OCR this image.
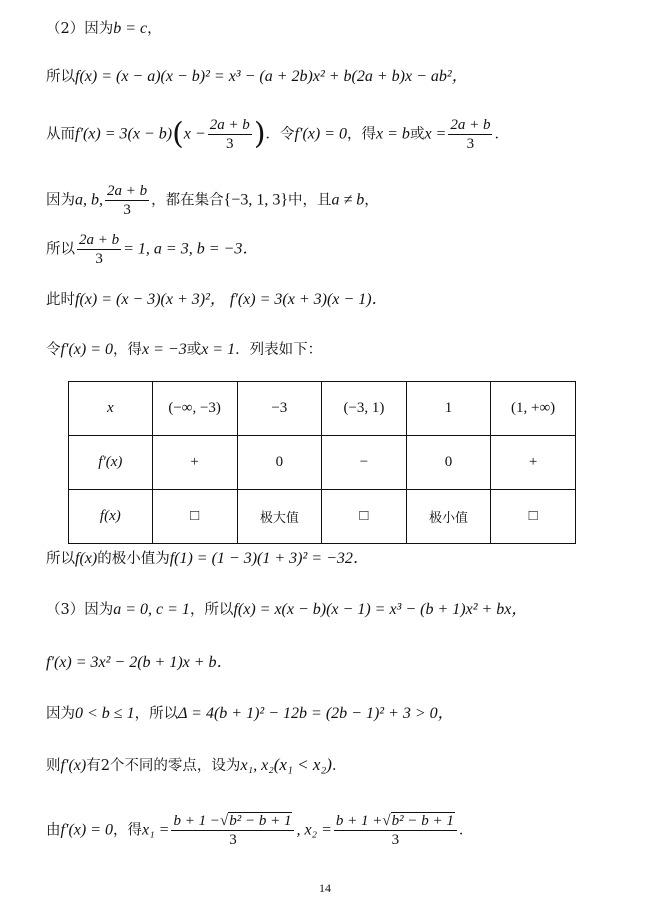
（2）因为b = c，
所以f(x) = (x − a)(x − b)² = x³ − (a + 2b)x² + b(2a + b)x − ab²，
从而$f'(x) = 3(x - b)(x - \frac{2a + b}{3}$ )．令f′(x) = 0，得x = b或$x = \frac{2a + b}{3}$ ．
因为a, b, $\frac{2a + b}{3}$ ，都在集合{−3, 1, 3}中，且a ≠ b，
所以 $\frac{2a + b}{3} = 1$, a = 3, b = −3．
此时f(x) = (x − 3)(x + 3)²， f′(x) = 3(x + 3)(x − 1)．
令f′(x) = 0，得x = −3或x = 1．列表如下：
x	(−∞, −3)	−3	(−3, 1)	1	(1, +∞)
f′(x)	+	0	−	0	+
f(x)	□	极大值	□	极小值	□
所以f(x)的极小值为f(1) = (1 − 3)(1 + 3)² = −32．
（3）因为a = 0, c = 1，所以f(x) = x(x − b)(x − 1) = x³ − (b + 1)x² + bx，
f′(x) = 3x² − 2(b + 1)x + b．
因为0 < b ≤ 1，所以Δ = 4(b + 1)² − 12b = (2b − 1)² + 3 > 0，
则f′(x)有2个不同的零点，设为x₁, x₂(x₁ < x₂)．
由f′(x) = 0，得$x_1 = \frac{\text{b + 1 −√b² − b + 1}}{3}$ , $x_2 = \frac{\text{b + 1 +√b² − b + 1}}{3}$ ．
14
